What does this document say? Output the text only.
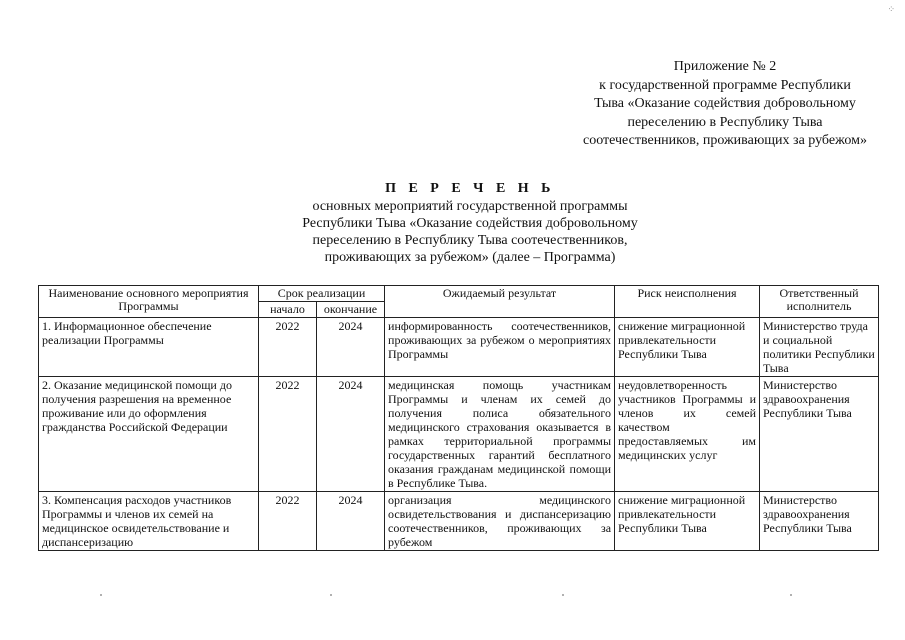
⁘
Приложение № 2
к государственной программе Республики
Тыва «Оказание содействия добровольному
переселению в Республику Тыва
соотечественников, проживающих за рубежом»
П Е Р Е Ч Е Н Ь
основных мероприятий государственной программы
Республики Тыва «Оказание содействия добровольному
переселению в Республику Тыва соотечественников,
проживающих за рубежом» (далее – Программа)
Наименование основного мероприятия Программы	Срок реализации		Ожидаемый результат	Риск неисполнения	Ответственный исполнитель
	начало	окончание			
1. Информационное обеспечение реализации Программы	2022	2024	информированность соотечественников, проживающих за рубежом о мероприятиях Программы	снижение миграционной привлекательности Республики Тыва	Министерство труда и социальной политики Республики Тыва
2. Оказание медицинской помощи до получения разрешения на временное проживание или до оформления гражданства Российской Федерации	2022	2024	медицинская помощь участникам Программы и членам их семей до получения полиса обязательного медицинского страхования оказывается в рамках территориальной программы государственных гарантий бесплатного оказания гражданам медицинской помощи в Республике Тыва.	неудовлетворенность участников Программы и членов их семей качеством предоставляемых им медицинских услуг	Министерство здравоохранения Республики Тыва
3. Компенсация расходов участников Программы и членов их семей на медицинское освидетельствование и диспансеризацию	2022	2024	организация медицинского освидетельствования и диспансеризацию соотечественников, проживающих за рубежом	снижение миграционной привлекательности Республики Тыва	Министерство здравоохранения Республики Тыва
